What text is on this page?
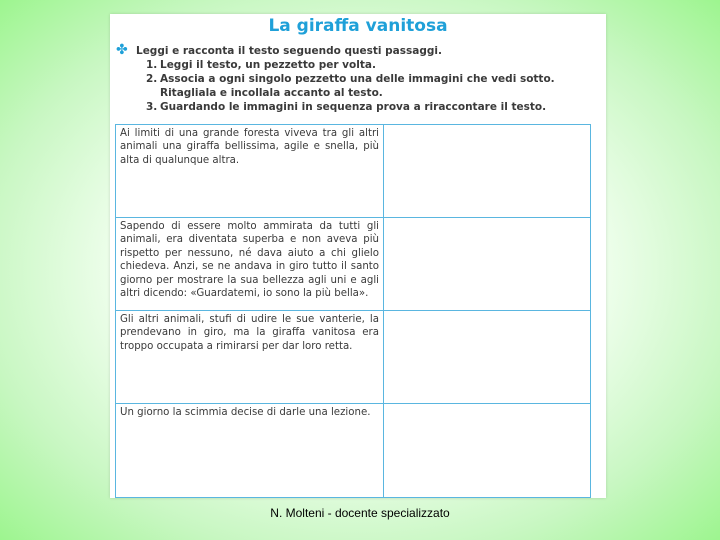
La giraffa vanitosa
✤ Leggi e racconta il testo seguendo questi passaggi.
1. Leggi il testo, un pezzetto per volta.
2. Associa a ogni singolo pezzetto una delle immagini che vedi sotto. Ritagliala e incollala accanto al testo.
3. Guardando le immagini in sequenza prova a riraccontare il testo.
Ai limiti di una grande foresta viveva tra gli altri animali una giraffa bellissima, agile e snella, più alta di qualunque altra.
Sapendo di essere molto ammirata da tutti gli animali, era diventata superba e non aveva più rispetto per nessuno, né dava aiuto a chi glielo chiedeva. Anzi, se ne andava in giro tutto il santo giorno per mostrare la sua bellezza agli uni e agli altri dicendo: «Guardatemi, io sono la più bella».
Gli altri animali, stufi di udire le sue vanterie, la prendevano in giro, ma la giraffa vanitosa era troppo occupata a rimirarsi per dar loro retta.
Un giorno la scimmia decise di darle una lezione.
N. Molteni - docente specializzato
